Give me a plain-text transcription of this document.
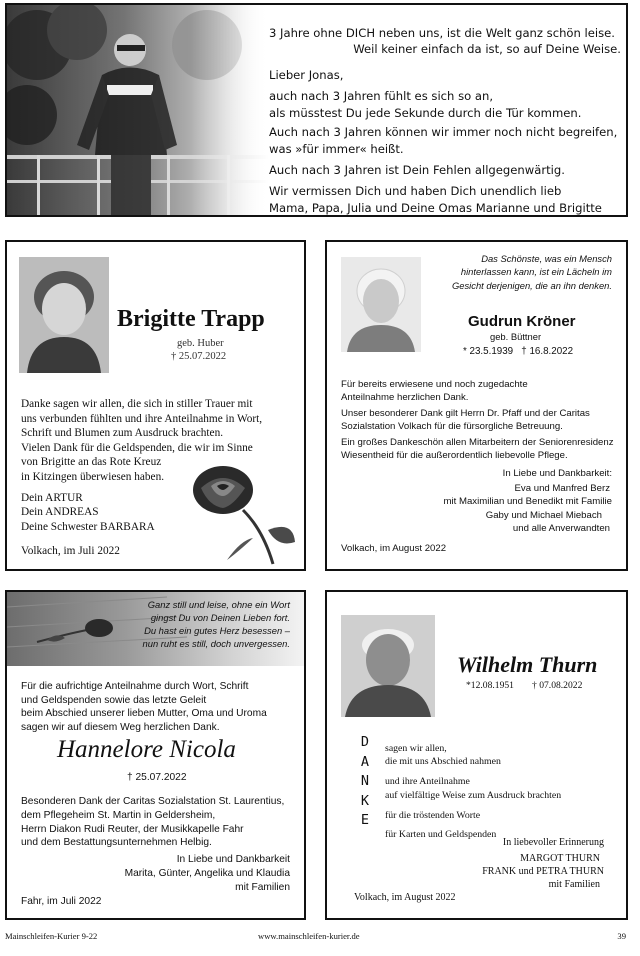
3 Jahre ohne DICH neben uns, ist die Welt ganz schön leise.
Weil keiner einfach da ist, so auf Deine Weise.
Lieber Jonas,
auch nach 3 Jahren fühlt es sich so an,
als müsstest Du jede Sekunde durch die Tür kommen.
Auch nach 3 Jahren können wir immer noch nicht begreifen,
was »für immer« heißt.
Auch nach 3 Jahren ist Dein Fehlen allgegenwärtig.
Wir vermissen Dich und haben Dich unendlich lieb
Mama, Papa, Julia und Deine Omas Marianne und Brigitte
Brigitte Trapp
geb. Huber
† 25.07.2022
Danke sagen wir allen, die sich in stiller Trauer mit
uns verbunden fühlten und ihre Anteilnahme in Wort,
Schrift und Blumen zum Ausdruck brachten.
Vielen Dank für die Geldspenden, die wir im Sinne
von Brigitte an das Rote Kreuz
in Kitzingen überwiesen haben.
Dein ARTUR
Dein ANDREAS
Deine Schwester BARBARA
Volkach, im Juli 2022
Das Schönste, was ein Mensch
hinterlassen kann, ist ein Lächeln im
Gesicht derjenigen, die an ihn denken.
Gudrun Kröner
geb. Büttner
* 23.5.1939   † 16.8.2022
Für bereits erwiesene und noch zugedachte
Anteilnahme herzlichen Dank.
Unser besonderer Dank gilt Herrn Dr. Pfaff und der Caritas
Sozialstation Volkach für die fürsorgliche Betreuung.
Ein großes Dankeschön allen Mitarbeitern der Seniorenresidenz
Wiesentheid für die außerordentlich liebevolle Pflege.
In Liebe und Dankbarkeit:
Eva und Manfred Berz
mit Maximilian und Benedikt mit Familie
Gaby und Michael Miebach
und alle Anverwandten
Volkach, im August 2022
Ganz still und leise, ohne ein Wort
gingst Du von Deinen Lieben fort.
Du hast ein gutes Herz besessen –
nun ruht es still, doch unvergessen.
Für die aufrichtige Anteilnahme durch Wort, Schrift
und Geldspenden sowie das letzte Geleit
beim Abschied unserer lieben Mutter, Oma und Uroma
sagen wir auf diesem Weg herzlichen Dank.
Hannelore Nicola
† 25.07.2022
Besonderen Dank der Caritas Sozialstation St. Laurentius,
dem Pflegeheim St. Martin in Geldersheim,
Herrn Diakon Rudi Reuter, der Musikkapelle Fahr
und dem Bestattungsunternehmen Helbig.
In Liebe und Dankbarkeit
Marita, Günter, Angelika und Klaudia
mit Familien
Fahr, im Juli 2022
Wilhelm Thurn
*12.08.1951 † 07.08.2022
D
A
N
K
E
sagen wir allen,
die mit uns Abschied nahmen
und ihre Anteilnahme
auf vielfältige Weise zum Ausdruck brachten
für die tröstenden Worte
für Karten und Geldspenden
In liebevoller Erinnerung
MARGOT THURN
FRANK und PETRA THURN
mit Familien
Volkach, im August 2022
Mainschleifen-Kurier 9-22	www.mainschleifen-kurier.de	39
